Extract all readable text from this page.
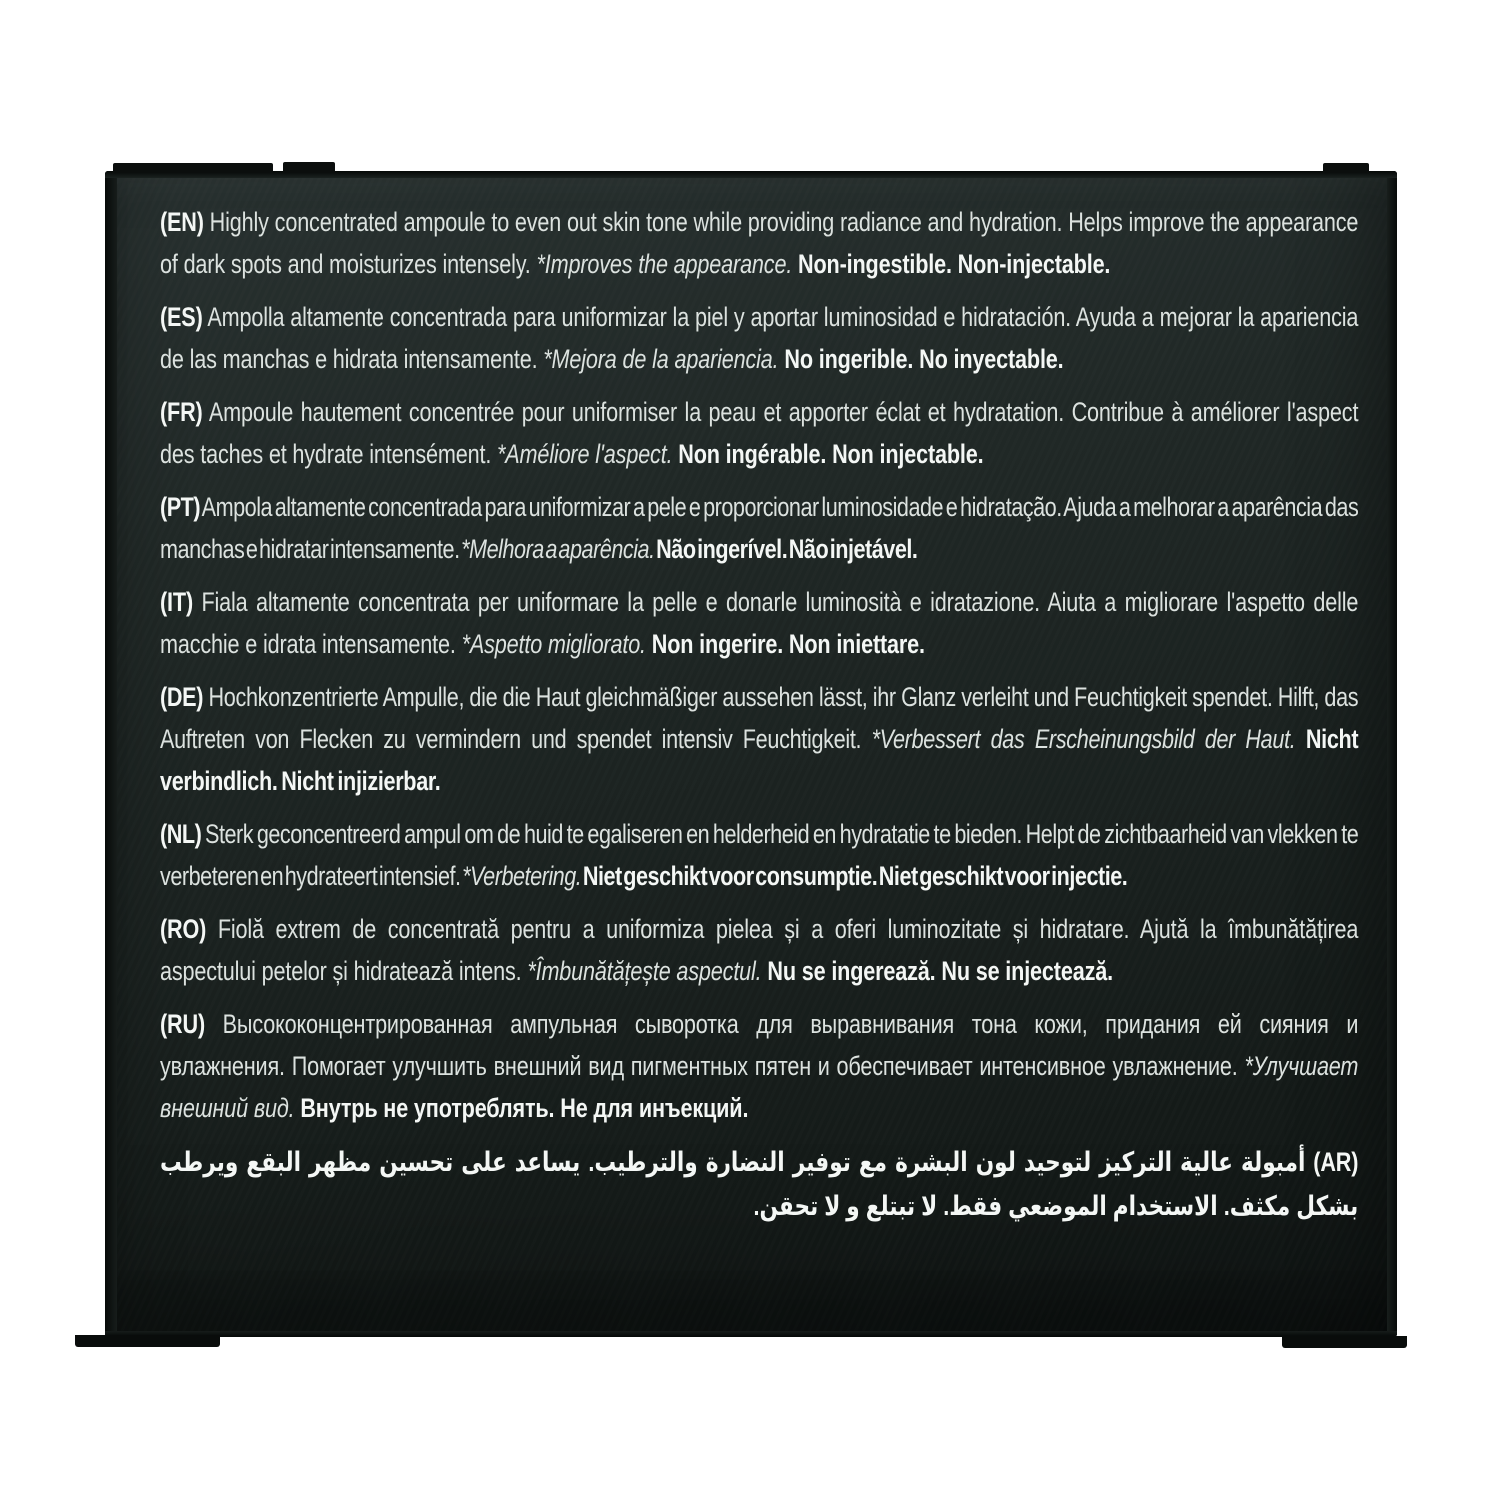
(EN) Highly concentrated ampoule to even out skin tone while providing radiance and hydration. Helps improve the appearance of dark spots and moisturizes intensely. *Improves the appearance. Non-ingestible. Non-injectable.

(ES) Ampolla altamente concentrada para uniformizar la piel y aportar luminosidad e hidratación. Ayuda a mejorar la apariencia de las manchas e hidrata intensamente. *Mejora de la apariencia. No ingerible. No inyectable.

(FR) Ampoule hautement concentrée pour uniformiser la peau et apporter éclat et hydratation. Contribue à améliorer l'aspect des taches et hydrate intensément. *Améliore l'aspect. Non ingérable. Non injectable.

(PT) Ampola altamente concentrada para uniformizar a pele e proporcionar luminosidade e hidratação. Ajuda a melhorar a aparência das manchas e hidratar intensamente. *Melhora a aparência. Não ingerível. Não injetável.

(IT) Fiala altamente concentrata per uniformare la pelle e donarle luminosità e idratazione. Aiuta a migliorare l'aspetto delle macchie e idrata intensamente. *Aspetto migliorato. Non ingerire. Non iniettare.

(DE) Hochkonzentrierte Ampulle, die die Haut gleichmäßiger aussehen lässt, ihr Glanz verleiht und Feuchtigkeit spendet. Hilft, das Auftreten von Flecken zu vermindern und spendet intensiv Feuchtigkeit. *Verbessert das Erscheinungsbild der Haut. Nicht verbindlich. Nicht injizierbar.

(NL) Sterk geconcentreerd ampul om de huid te egaliseren en helderheid en hydratatie te bieden. Helpt de zichtbaarheid van vlekken te verbeteren en hydrateert intensief. *Verbetering. Niet geschikt voor consumptie. Niet geschikt voor injectie.

(RO) Fiolă extrem de concentrată pentru a uniformiza pielea și a oferi luminozitate și hidratare. Ajută la îmbunătățirea aspectului petelor și hidratează intens. *Îmbunătățește aspectul. Nu se ingerează. Nu se injectează.

(RU) Высококонцентрированная ампульная сыворотка для выравнивания тона кожи, придания ей сияния и увлажнения. Помогает улучшить внешний вид пигментных пятен и обеспечивает интенсивное увлажнение. *Улучшает внешний вид. Внутрь не употреблять. Не для инъекций.

(AR) أمبولة عالية التركيز لتوحيد لون البشرة مع توفير النضارة والترطيب. يساعد على تحسين مظهر البقع ويرطب بشكل مكثف. الاستخدام الموضعي فقط. لا تبتلع و لا تحقن.
